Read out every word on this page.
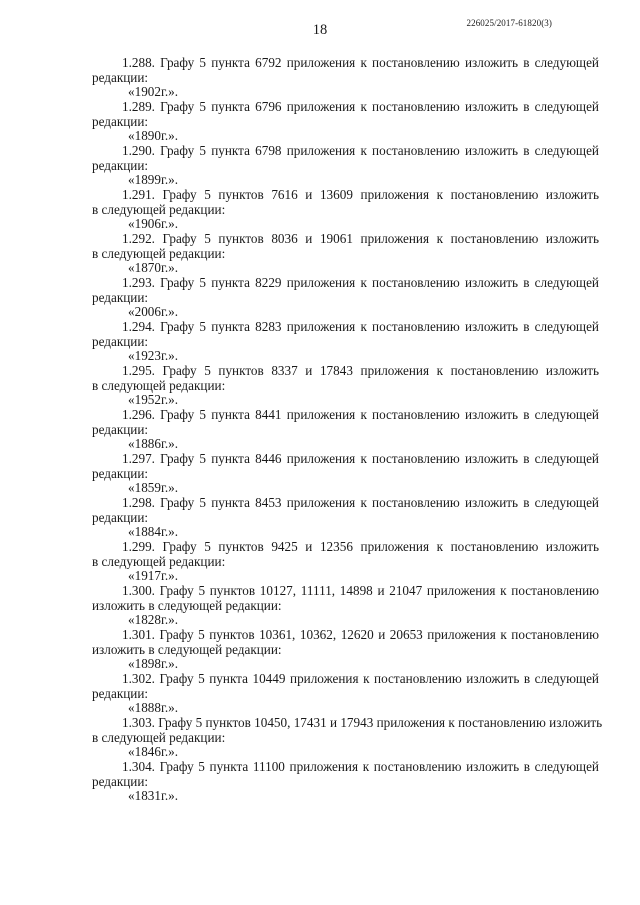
18	226025/2017-61820(3)
1.288. Графу 5 пункта 6792 приложения к постановлению изложить в следующей
редакции:
«1902г.».
1.289. Графу 5 пункта 6796 приложения к постановлению изложить в следующей
редакции:
«1890г.».
1.290. Графу 5 пункта 6798 приложения к постановлению изложить в следующей
редакции:
«1899г.».
1.291. Графу 5 пунктов 7616 и 13609 приложения к постановлению изложить
в следующей редакции:
«1906г.».
1.292. Графу 5 пунктов 8036 и 19061 приложения к постановлению изложить
в следующей редакции:
«1870г.».
1.293. Графу 5 пункта 8229 приложения к постановлению изложить в следующей
редакции:
«2006г.».
1.294. Графу 5 пункта 8283 приложения к постановлению изложить в следующей
редакции:
«1923г.».
1.295. Графу 5 пунктов 8337 и 17843 приложения к постановлению изложить
в следующей редакции:
«1952г.».
1.296. Графу 5 пункта 8441 приложения к постановлению изложить в следующей
редакции:
«1886г.».
1.297. Графу 5 пункта 8446 приложения к постановлению изложить в следующей
редакции:
«1859г.».
1.298. Графу 5 пункта 8453 приложения к постановлению изложить в следующей
редакции:
«1884г.».
1.299. Графу 5 пунктов 9425 и 12356 приложения к постановлению изложить
в следующей редакции:
«1917г.».
1.300. Графу 5 пунктов 10127, 11111, 14898 и 21047 приложения к постановлению
изложить в следующей редакции:
«1828г.».
1.301. Графу 5 пунктов 10361, 10362, 12620 и 20653 приложения к постановлению
изложить в следующей редакции:
«1898г.».
1.302. Графу 5 пункта 10449 приложения к постановлению изложить в следующей
редакции:
«1888г.».
1.303. Графу 5 пунктов 10450, 17431 и 17943 приложения к постановлению изложить
в следующей редакции:
«1846г.».
1.304. Графу 5 пункта 11100 приложения к постановлению изложить в следующей
редакции:
«1831г.».
